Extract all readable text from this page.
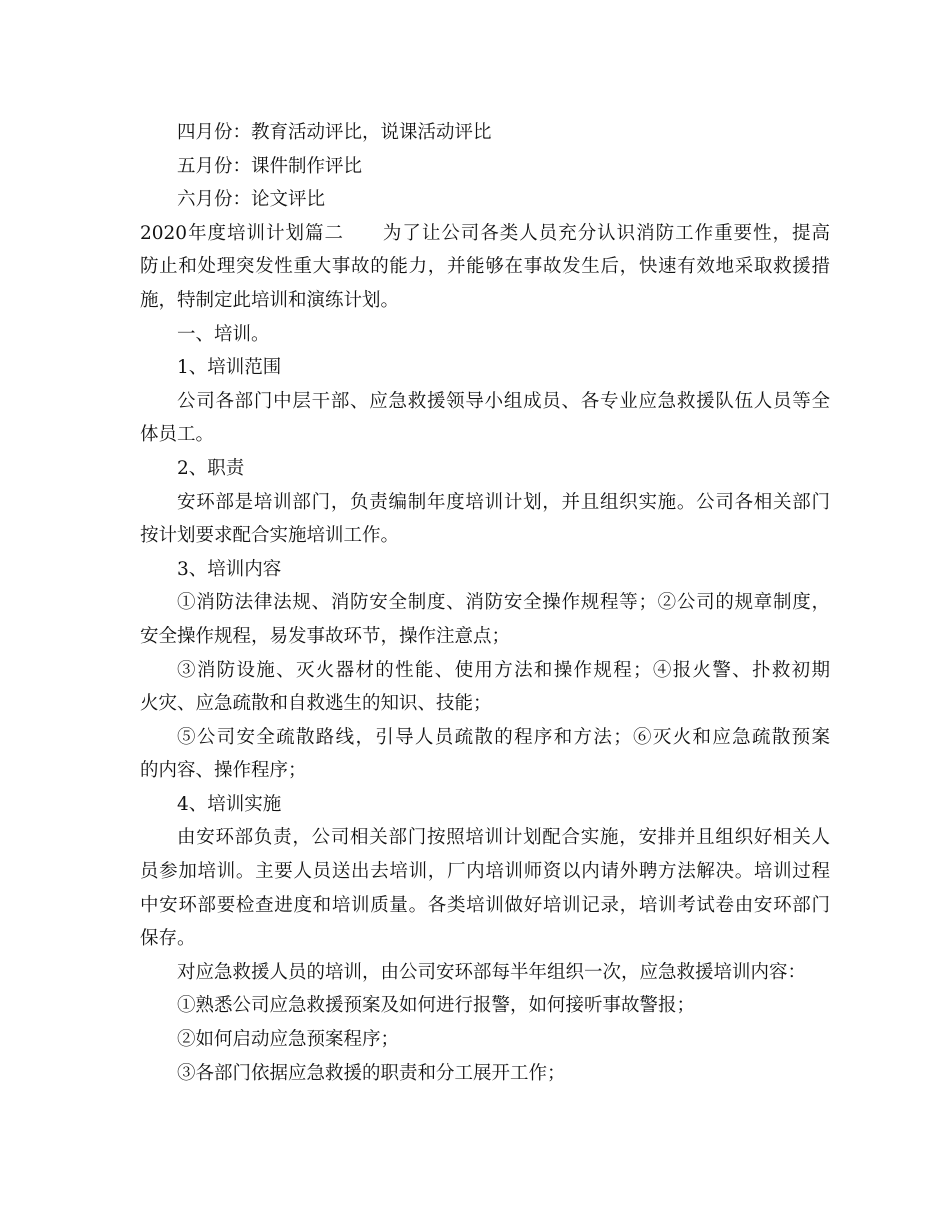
四月份：教育活动评比，说课活动评比
五月份：课件制作评比
六月份：论文评比
2020年度培训计划篇二　　为了让公司各类人员充分认识消防工作重要性，提高
防止和处理突发性重大事故的能力，并能够在事故发生后，快速有效地采取救援措
施，特制定此培训和演练计划。
一、培训。
1、培训范围
公司各部门中层干部、应急救援领导小组成员、各专业应急救援队伍人员等全
体员工。
2、职责
安环部是培训部门，负责编制年度培训计划，并且组织实施。公司各相关部门
按计划要求配合实施培训工作。
3、培训内容
①消防法律法规、消防安全制度、消防安全操作规程等；②公司的规章制度，
安全操作规程，易发事故环节，操作注意点；
③消防设施、灭火器材的性能、使用方法和操作规程；④报火警、扑救初期
火灾、应急疏散和自救逃生的知识、技能；
⑤公司安全疏散路线，引导人员疏散的程序和方法；⑥灭火和应急疏散预案
的内容、操作程序；
4、培训实施
由安环部负责，公司相关部门按照培训计划配合实施，安排并且组织好相关人
员参加培训。主要人员送出去培训，厂内培训师资以内请外聘方法解决。培训过程
中安环部要检查进度和培训质量。各类培训做好培训记录，培训考试卷由安环部门
保存。
对应急救援人员的培训，由公司安环部每半年组织一次，应急救援培训内容：
①熟悉公司应急救援预案及如何进行报警，如何接听事故警报；
②如何启动应急预案程序；
③各部门依据应急救援的职责和分工展开工作；
